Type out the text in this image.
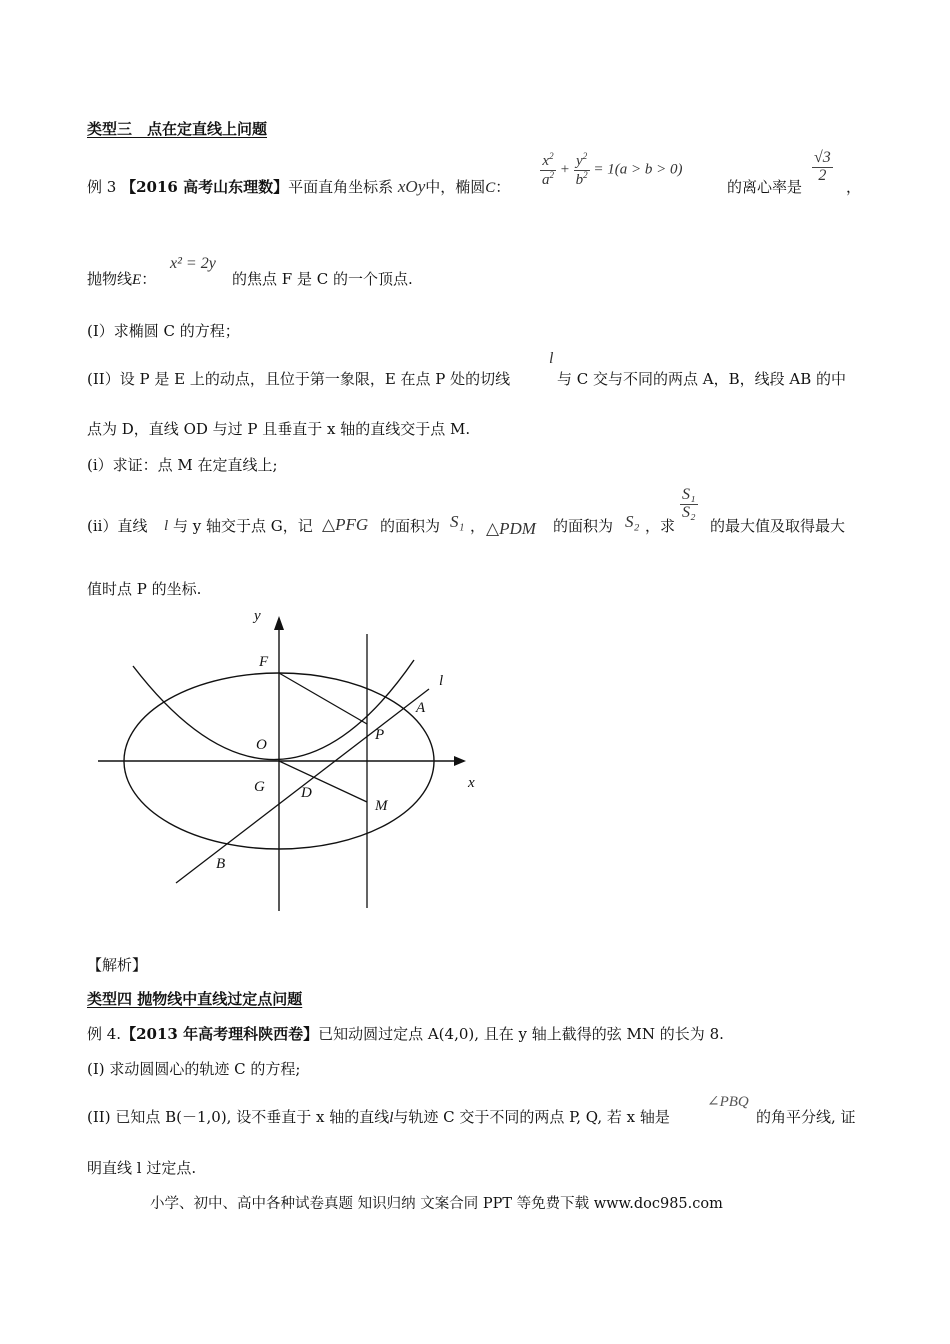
类型三　点在定直线上问题
例 3 【2016 高考山东理数】平面直角坐标系 xOy中，椭圆C： $\frac{x^2}{a^2} + \frac{y^2}{b^2} = 1(a > b > 0)$
的离心率是
$\frac{√3}{2}$
，
抛物线E：
x² = 2y
的焦点 F 是 C 的一个顶点.
(I）求椭圆 C 的方程；
(II）设 P 是 E 上的动点，且位于第一象限，E 在点 P 处的切线
l
与 C 交与不同的两点 A，B，线段 AB 的中
点为 D，直线 OD 与过 P 且垂直于 x 轴的直线交于点 M.
(i）求证：点 M 在定直线上;
(ii）直线 l 与 y 轴交于点 G，记 △PFG 的面积为 S₁ ， △PDM 的面积为 S₂ ，求
$\frac{\text{S₁}}{\text{S₂}}$
的最大值及取得最大
值时点 P 的坐标.
y
x
F
O
G D
M
P
A
B
l
【解析】
类型四 抛物线中直线过定点问题
例 4.【2013 年高考理科陕西卷】已知动圆过定点 A(4,0), 且在 y 轴上截得的弦 MN 的长为 8.
(I) 求动圆圆心的轨迹 C 的方程;
(II) 已知点 B(－1,0), 设不垂直于 x 轴的直线l与轨迹 C 交于不同的两点 P, Q, 若 x 轴是
∠PBQ
的角平分线, 证
明直线 l 过定点.
小学、初中、高中各种试卷真题 知识归纳 文案合同 PPT 等免费下载 www.doc985.com
